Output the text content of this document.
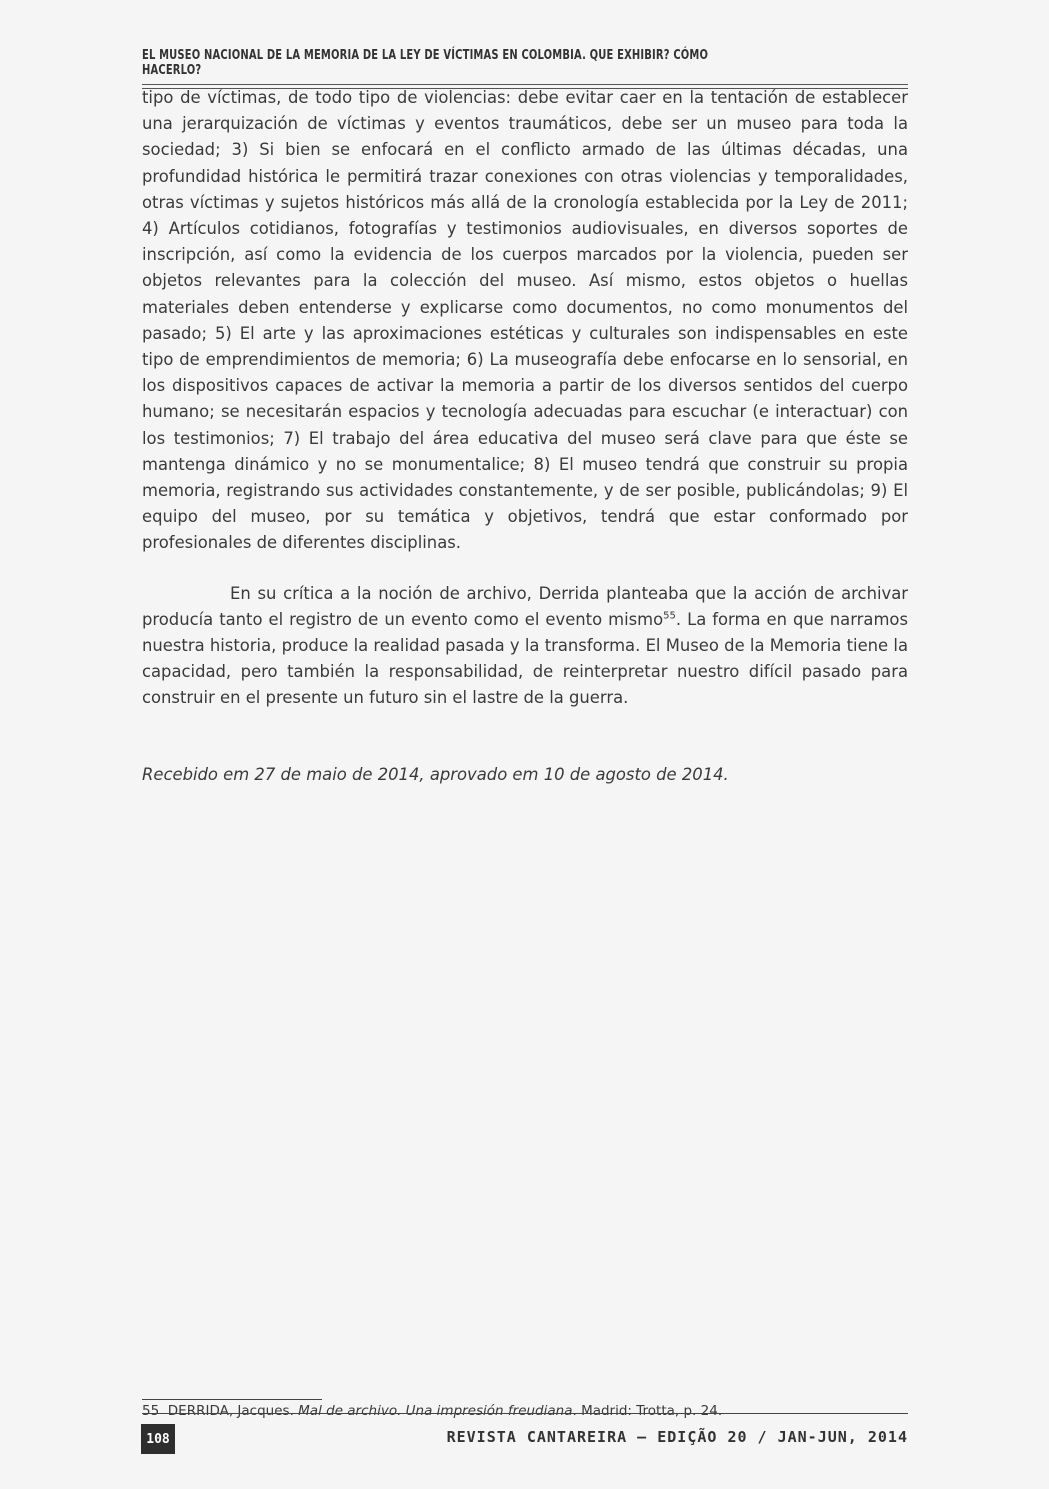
EL MUSEO NACIONAL DE LA MEMORIA DE LA LEY DE VÍCTIMAS EN COLOMBIA. QUE EXHIBIR? CÓMO HACERLO?

tipo de víctimas, de todo tipo de violencias: debe evitar caer en la tentación de establecer una jerarquización de víctimas y eventos traumáticos, debe ser un museo para toda la sociedad; 3) Si bien se enfocará en el conflicto armado de las últimas décadas, una profundidad histórica le permitirá trazar conexiones con otras violencias y temporalidades, otras víctimas y sujetos históricos más allá de la cronología establecida por la Ley de 2011; 4) Artículos cotidianos, fotografías y testimonios audiovisuales, en diversos soportes de inscripción, así como la evidencia de los cuerpos marcados por la violencia, pueden ser objetos relevantes para la colección del museo. Así mismo, estos objetos o huellas materiales deben entenderse y explicarse como documentos, no como monumentos del pasado; 5) El arte y las aproximaciones estéticas y culturales son indispensables en este tipo de emprendimientos de memoria; 6) La museografía debe enfocarse en lo sensorial, en los dispositivos capaces de activar la memoria a partir de los diversos sentidos del cuerpo humano; se necesitarán espacios y tecnología adecuadas para escuchar (e interactuar) con los testimonios; 7) El trabajo del área educativa del museo será clave para que éste se mantenga dinámico y no se monumentalice; 8) El museo tendrá que construir su propia memoria, registrando sus actividades constantemente, y de ser posible, publicándolas; 9) El equipo del museo, por su temática y objetivos, tendrá que estar conformado por profesionales de diferentes disciplinas.

En su crítica a la noción de archivo, Derrida planteaba que la acción de archivar producía tanto el registro de un evento como el evento mismo$^{55}$. La forma en que narramos nuestra historia, produce la realidad pasada y la transforma. El Museo de la Memoria tiene la capacidad, pero también la responsabilidad, de reinterpretar nuestro difícil pasado para construir en el presente un futuro sin el lastre de la guerra.

Recebido em 27 de maio de 2014, aprovado em 10 de agosto de 2014.
55 DERRIDA, Jacques. Mal de archivo. Una impresión freudiana. Madrid: Trotta, p. 24.
108	REVISTA CANTAREIRA – EDIÇÃO 20 / JAN-JUN, 2014
